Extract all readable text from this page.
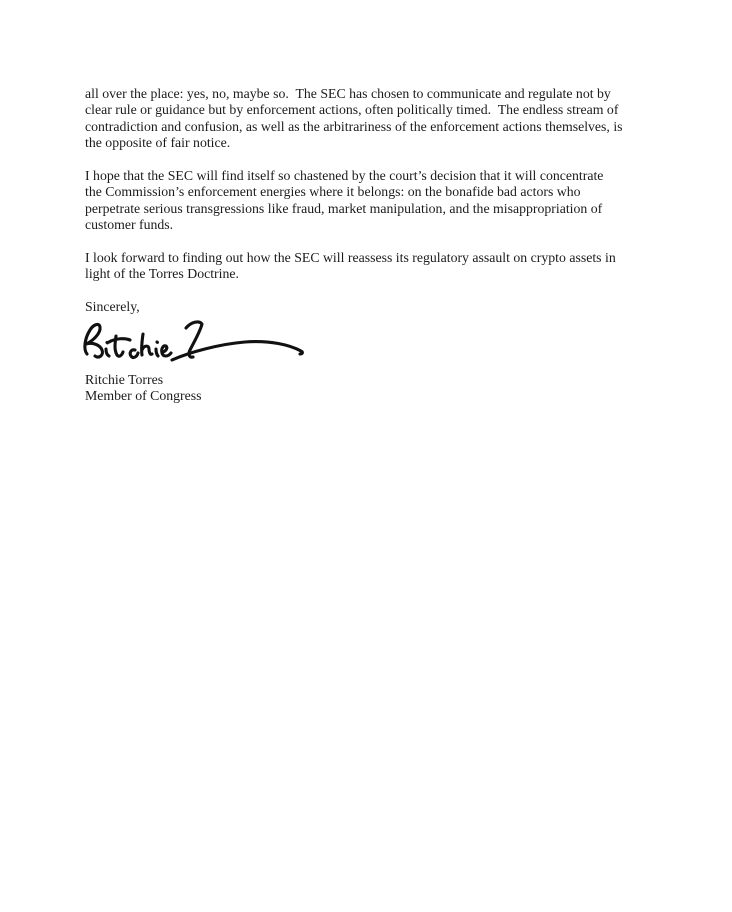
all over the place: yes, no, maybe so.  The SEC has chosen to communicate and regulate not by
clear rule or guidance but by enforcement actions, often politically timed.  The endless stream of
contradiction and confusion, as well as the arbitrariness of the enforcement actions themselves, is
the opposite of fair notice.

I hope that the SEC will find itself so chastened by the court’s decision that it will concentrate
the Commission’s enforcement energies where it belongs: on the bonafide bad actors who
perpetrate serious transgressions like fraud, market manipulation, and the misappropriation of
customer funds.

I look forward to finding out how the SEC will reassess its regulatory assault on crypto assets in
light of the Torres Doctrine.

Sincerely,

Ritchie Torres
Member of Congress
